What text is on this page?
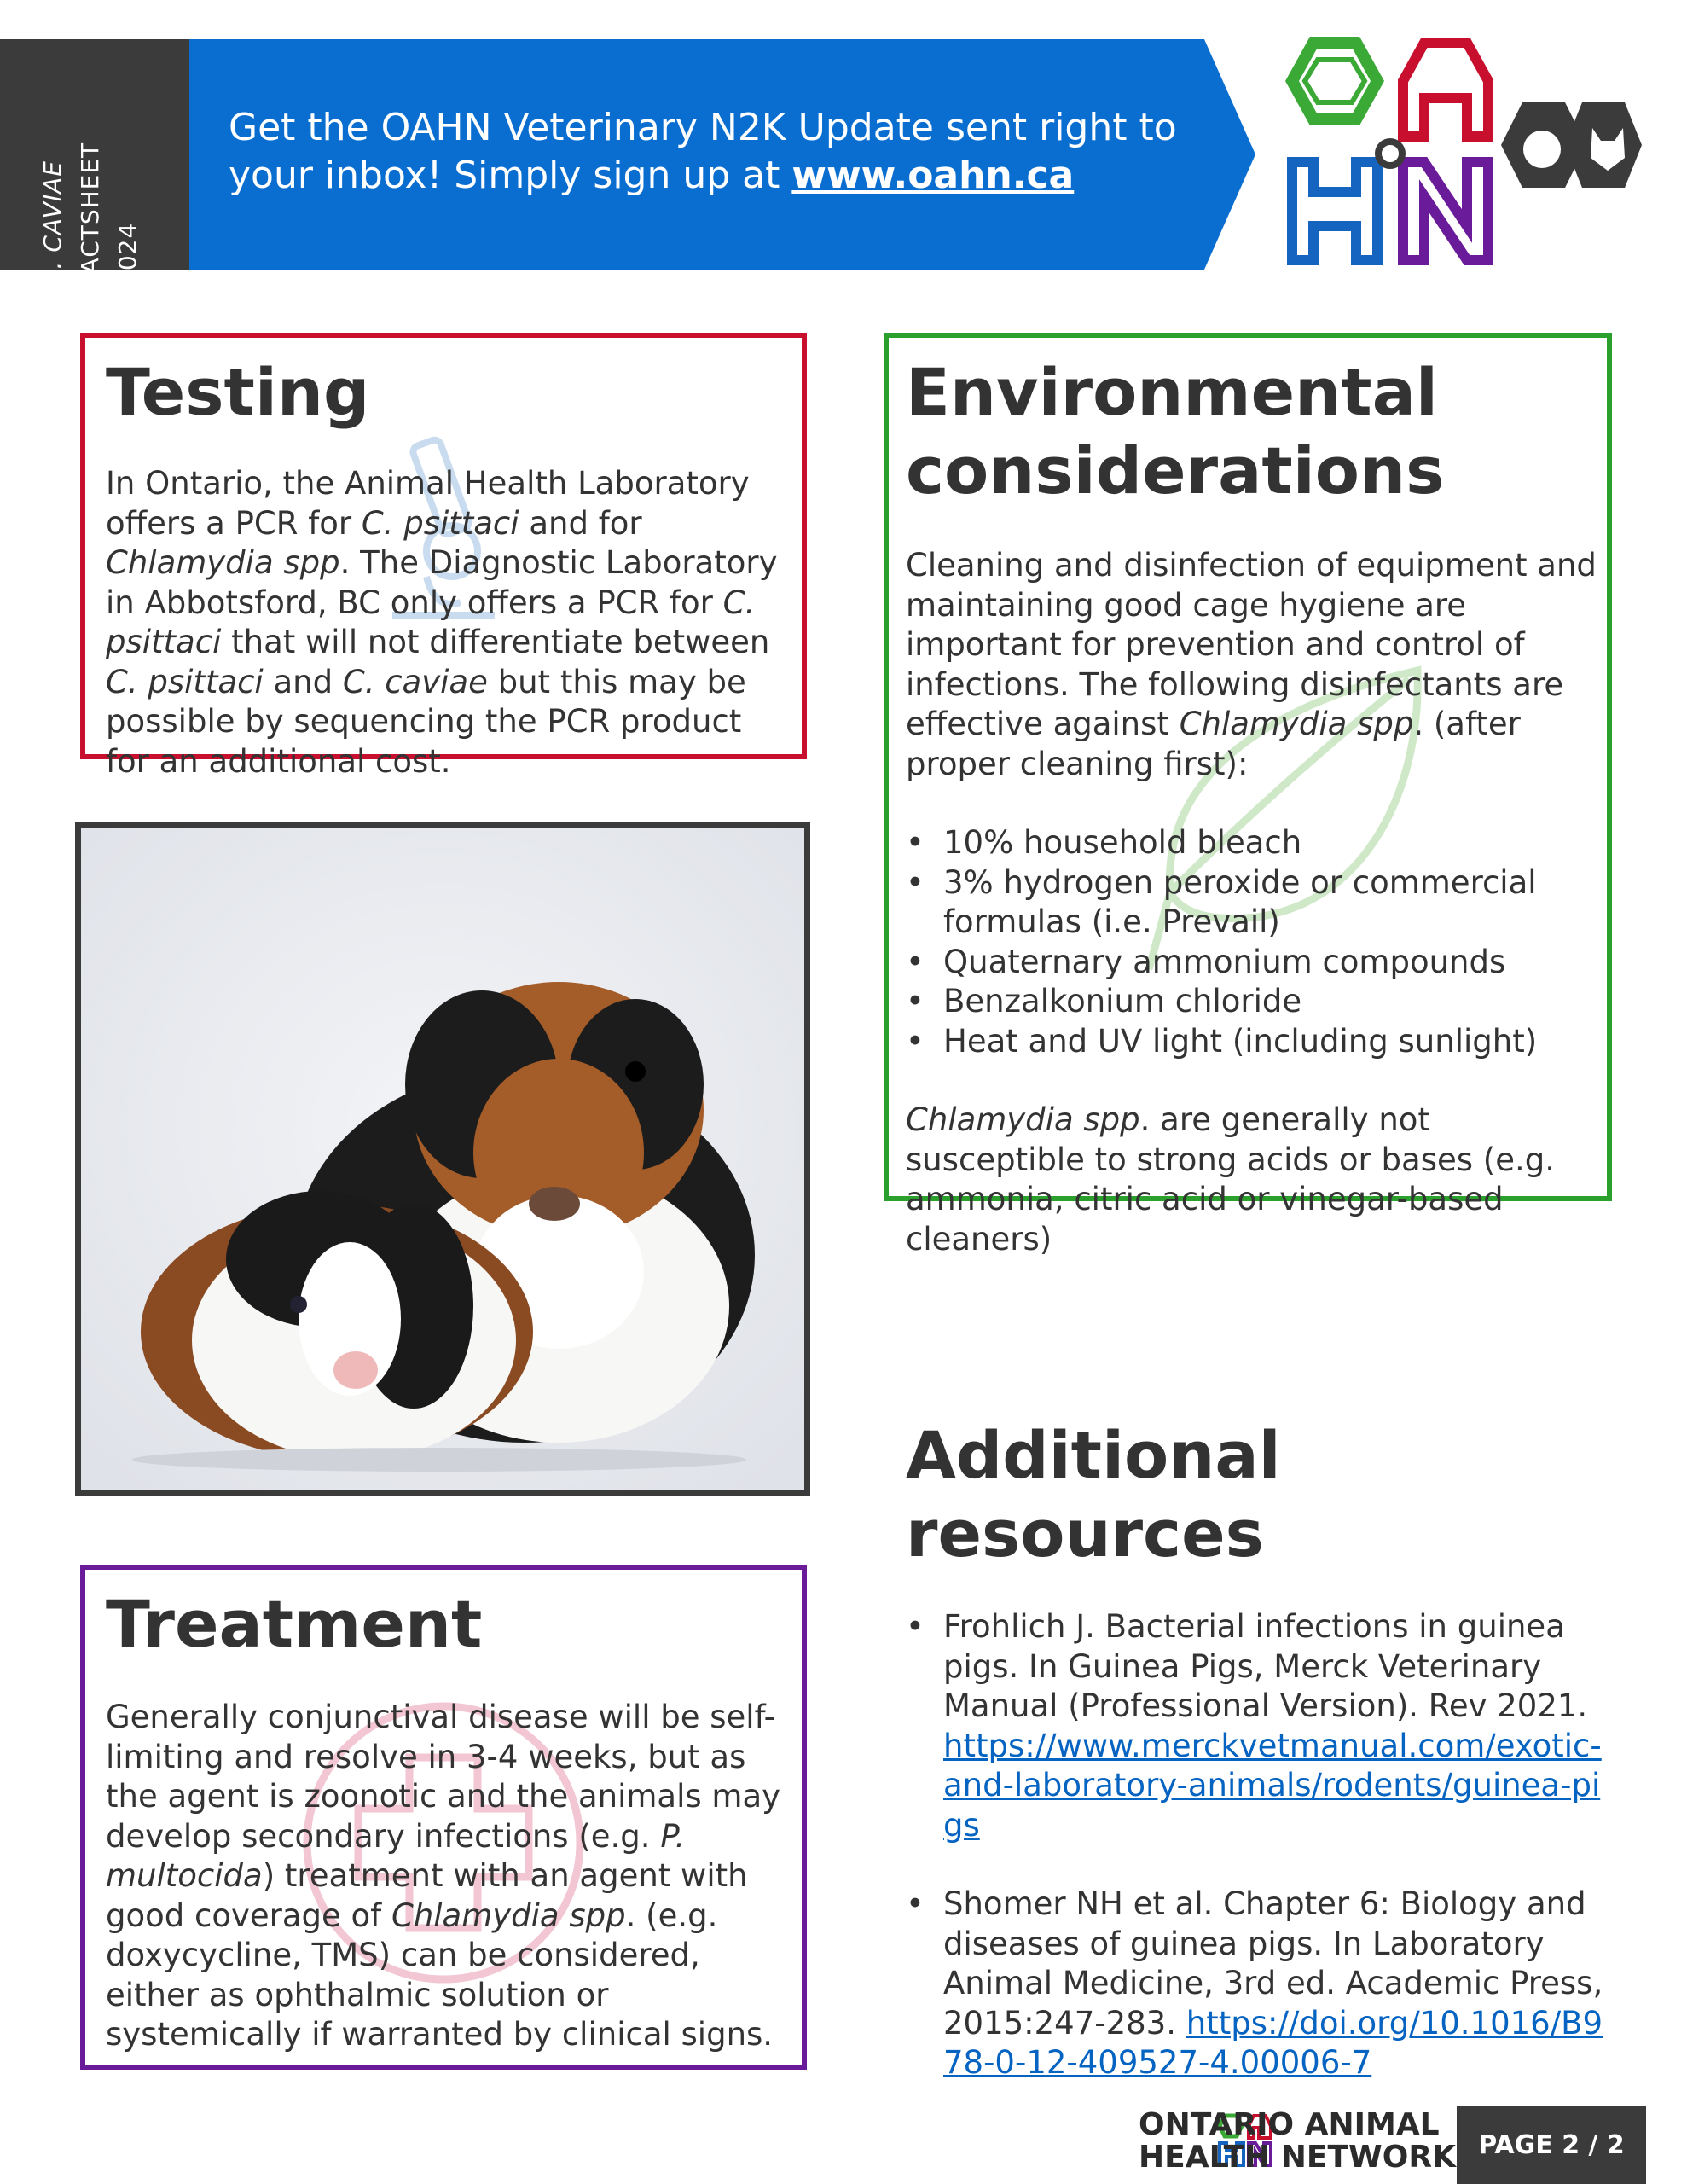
C. CAVIAE FACTSHEET 2024
Get the OAHN Veterinary N2K Update sent right to your inbox! Simply sign up at www.oahn.ca
Testing

In Ontario, the Animal Health Laboratory offers a PCR for C. psittaci and for Chlamydia spp. The Diagnostic Laboratory in Abbotsford, BC only offers a PCR for C. psittaci that will not differentiate between C. psittaci and C. caviae but this may be possible by sequencing the PCR product for an additional cost.

Environmental
considerations

Cleaning and disinfection of equipment and maintaining good cage hygiene are important for prevention and control of infections. The following disinfectants are effective against Chlamydia spp. (after proper cleaning first):

• 10% household bleach
• 3% hydrogen peroxide or commercial formulas (i.e. Prevail)
• Quaternary ammonium compounds
• Benzalkonium chloride
• Heat and UV light (including sunlight)

Chlamydia spp. are generally not susceptible to strong acids or bases (e.g. ammonia, citric acid or vinegar-based cleaners)

Treatment

Generally conjunctival disease will be self-limiting and resolve in 3-4 weeks, but as the agent is zoonotic and the animals may develop secondary infections (e.g. P. multocida) treatment with an agent with good coverage of Chlamydia spp. (e.g. doxycycline, TMS) can be considered, either as ophthalmic solution or systemically if warranted by clinical signs.

Additional resources
• Frohlich J. Bacterial infections in guinea pigs. In Guinea Pigs, Merck Veterinary Manual (Professional Version). Rev 2021. https://www.merckvetmanual.com/exotic-and-laboratory-animals/rodents/guinea-pigs
• Shomer NH et al. Chapter 6: Biology and diseases of guinea pigs. In Laboratory Animal Medicine, 3rd ed. Academic Press, 2015:247-283. https://doi.org/10.1016/B978-0-12-409527-4.00006-7
ONTARIO ANIMAL
HEALTH NETWORK PAGE 2 / 2
